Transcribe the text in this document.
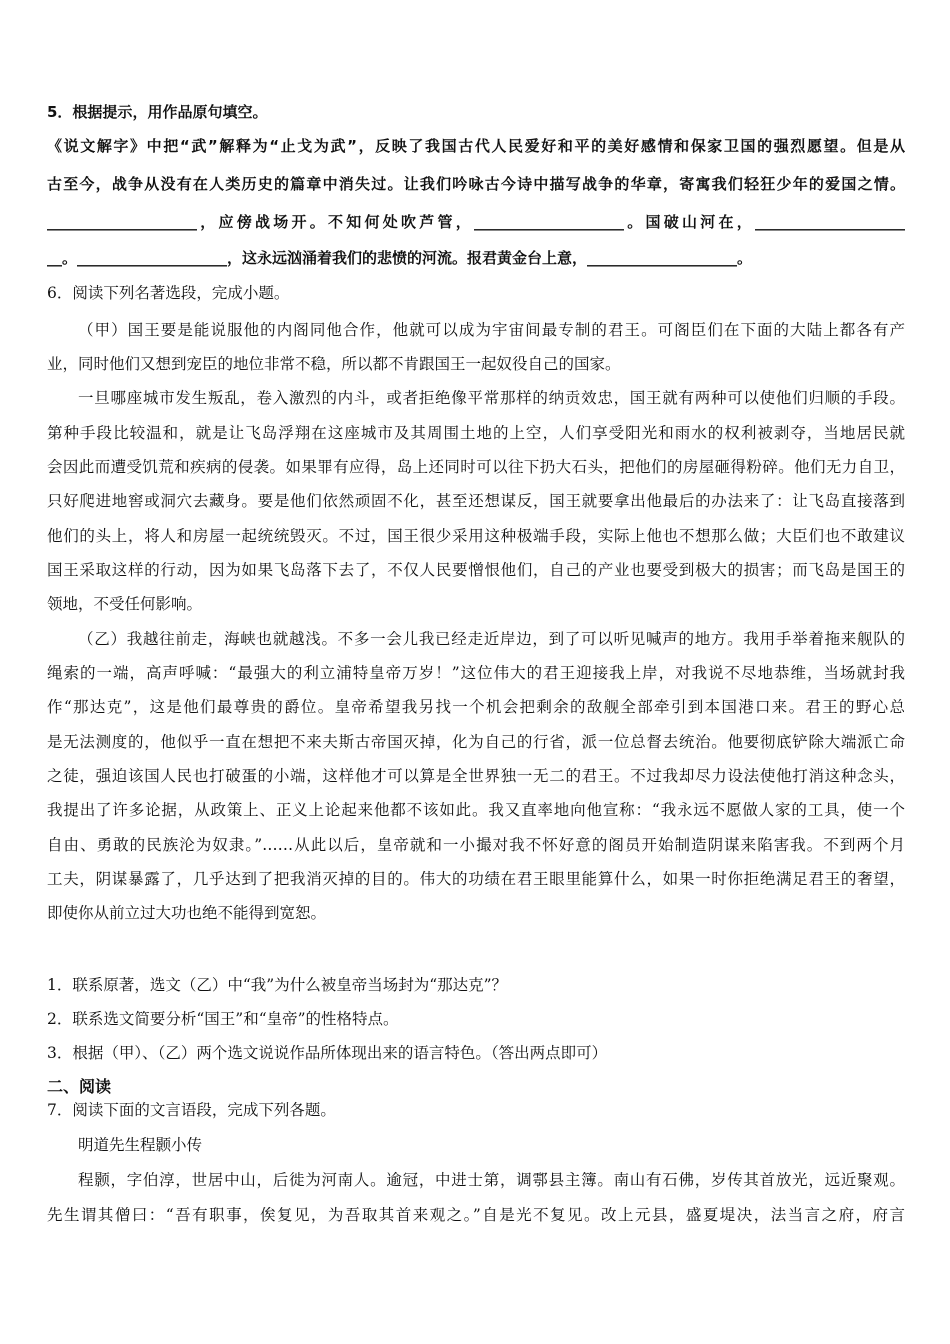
5．根据提示，用作品原句填空。
《说文解字》中把“武”解释为“止戈为武”，反映了我国古代人民爱好和平的美好感情和保家卫国的强烈愿望。但是从
古至今，战争从没有在人类历史的篇章中消失过。让我们吟咏古今诗中描写战争的华章，寄寓我们轻狂少年的爱国之情。
____________________，应傍战场开。不知何处吹芦管，____________________。国破山河在，____________________
__。____________________，这永远汹涌着我们的悲愤的河流。报君黄金台上意，____________________。
6．阅读下列名著选段，完成小题。
（甲）国王要是能说服他的内阁同他合作，他就可以成为宇宙间最专制的君王。可阁臣们在下面的大陆上都各有产
业，同时他们又想到宠臣的地位非常不稳，所以都不肯跟国王一起奴役自己的国家。
一旦哪座城市发生叛乱，卷入激烈的内斗，或者拒绝像平常那样的纳贡效忠，国王就有两种可以使他们归顺的手段。
第种手段比较温和，就是让飞岛浮翔在这座城市及其周围土地的上空，人们享受阳光和雨水的权利被剥夺，当地居民就
会因此而遭受饥荒和疾病的侵袭。如果罪有应得，岛上还同时可以往下扔大石头，把他们的房屋砸得粉碎。他们无力自卫，
只好爬进地窖或洞穴去藏身。要是他们依然顽固不化，甚至还想谋反，国王就要拿出他最后的办法来了：让飞岛直接落到
他们的头上，将人和房屋一起统统毁灭。不过，国王很少采用这种极端手段，实际上他也不想那么做；大臣们也不敢建议
国王采取这样的行动，因为如果飞岛落下去了，不仅人民要憎恨他们，自己的产业也要受到极大的损害；而飞岛是国王的
领地，不受任何影响。
（乙）我越往前走，海峡也就越浅。不多一会儿我已经走近岸边，到了可以听见喊声的地方。我用手举着拖来舰队的
绳索的一端，高声呼喊：“最强大的利立浦特皇帝万岁！”这位伟大的君王迎接我上岸，对我说不尽地恭维，当场就封我
作“那达克”，这是他们最尊贵的爵位。皇帝希望我另找一个机会把剩余的敌舰全部牵引到本国港口来。君王的野心总
是无法测度的，他似乎一直在想把不来夫斯古帝国灭掉，化为自己的行省，派一位总督去统治。他要彻底铲除大端派亡命
之徒，强迫该国人民也打破蛋的小端，这样他才可以算是全世界独一无二的君王。不过我却尽力设法使他打消这种念头，
我提出了许多论据，从政策上、正义上论起来他都不该如此。我又直率地向他宣称：“我永远不愿做人家的工具，使一个
自由、勇敢的民族沦为奴隶。”……从此以后，皇帝就和一小撮对我不怀好意的阁员开始制造阴谋来陷害我。不到两个月
工夫，阴谋暴露了，几乎达到了把我消灭掉的目的。伟大的功绩在君王眼里能算什么，如果一时你拒绝满足君王的奢望，
即使你从前立过大功也绝不能得到宽恕。
1．联系原著，选文（乙）中“我”为什么被皇帝当场封为“那达克”？
2．联系选文简要分析“国王”和“皇帝”的性格特点。
3．根据（甲）、（乙）两个选文说说作品所体现出来的语言特色。（答出两点即可）
二、阅读
7．阅读下面的文言语段，完成下列各题。
明道先生程颢小传
程颢，字伯淳，世居中山，后徙为河南人。逾冠，中进士第，调鄠县主簿。南山有石佛，岁传其首放光，远近聚观。
先生谓其僧曰：“吾有职事，俟复见，为吾取其首来观之。”自是光不复见。改上元县，盛夏堤决，法当言之府，府言
